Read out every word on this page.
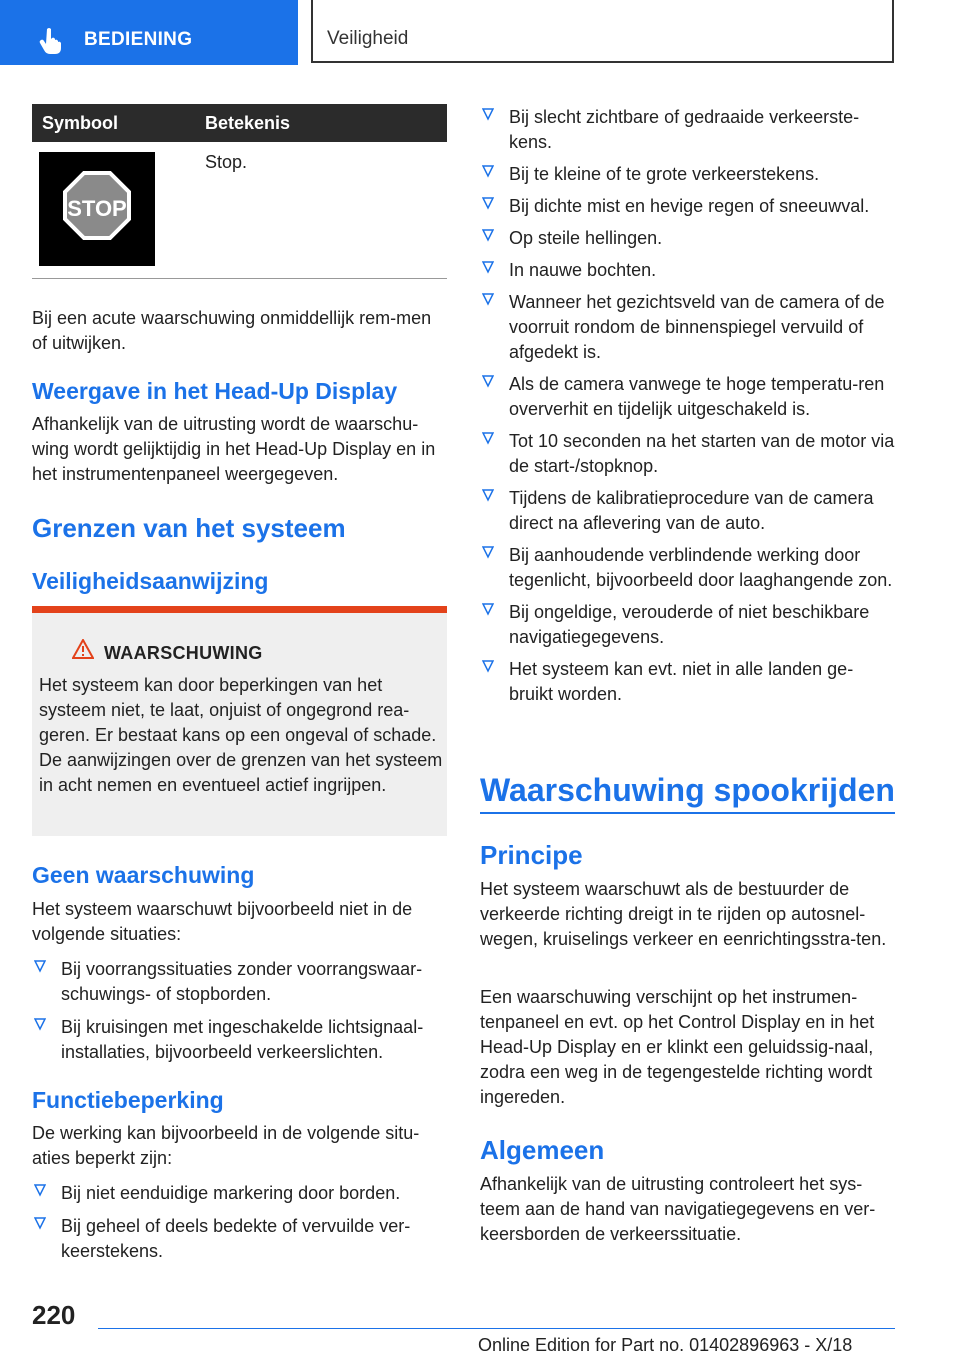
BEDIENING	Veiligheid
Symbool	Betekenis
STOP
Stop.

Bij een acute waarschuwing onmiddellijk rem-men of uitwijken.

Weergave in het Head-Up Display

Afhankelijk van de uitrusting wordt de waarschu-wing wordt gelijktijdig in het Head-Up Display en in het instrumentenpaneel weergegeven.

Grenzen van het systeem
Veiligheidsaanwijzing
WAARSCHUWING
Het systeem kan door beperkingen van het systeem niet, te laat, onjuist of ongegrond rea-geren. Er bestaat kans op een ongeval of schade. De aanwijzingen over de grenzen van het systeem in acht nemen en eventueel actief ingrijpen.
Geen waarschuwing

Het systeem waarschuwt bijvoorbeeld niet in de volgende situaties:

Bij voorrangssituaties zonder voorrangswaar-schuwings- of stopborden.
Bij kruisingen met ingeschakelde lichtsignaal-installaties, bijvoorbeeld verkeerslichten.
Functiebeperking

De werking kan bijvoorbeeld in de volgende situ-aties beperkt zijn:

Bij niet eenduidige markering door borden.
Bij geheel of deels bedekte of vervuilde ver-keerstekens.
Bij slecht zichtbare of gedraaide verkeerste-kens.
Bij te kleine of te grote verkeerstekens.
Bij dichte mist en hevige regen of sneeuwval.
Op steile hellingen.
In nauwe bochten.
Wanneer het gezichtsveld van de camera of de voorruit rondom de binnenspiegel vervuild of afgedekt is.
Als de camera vanwege te hoge temperatu-ren oververhit en tijdelijk uitgeschakeld is.
Tot 10 seconden na het starten van de motor via de start-/stopknop.
Tijdens de kalibratieprocedure van de camera direct na aflevering van de auto.
Bij aanhoudende verblindende werking door tegenlicht, bijvoorbeeld door laaghangende zon.
Bij ongeldige, verouderde of niet beschikbare navigatiegegevens.
Het systeem kan evt. niet in alle landen ge-bruikt worden.
Waarschuwing spookrijden
Principe

Het systeem waarschuwt als de bestuurder de verkeerde richting dreigt in te rijden op autosnel-wegen, kruiselings verkeer en eenrichtingsstra-ten.

Een waarschuwing verschijnt op het instrumen-tenpaneel en evt. op het Control Display en in het Head-Up Display en er klinkt een geluidssig-naal, zodra een weg in de tegengestelde richting wordt ingereden.

Algemeen

Afhankelijk van de uitrusting controleert het sys-teem aan de hand van navigatiegegevens en ver-keersborden de verkeerssituatie.

220
Online Edition for Part no. 01402896963 - X/18
